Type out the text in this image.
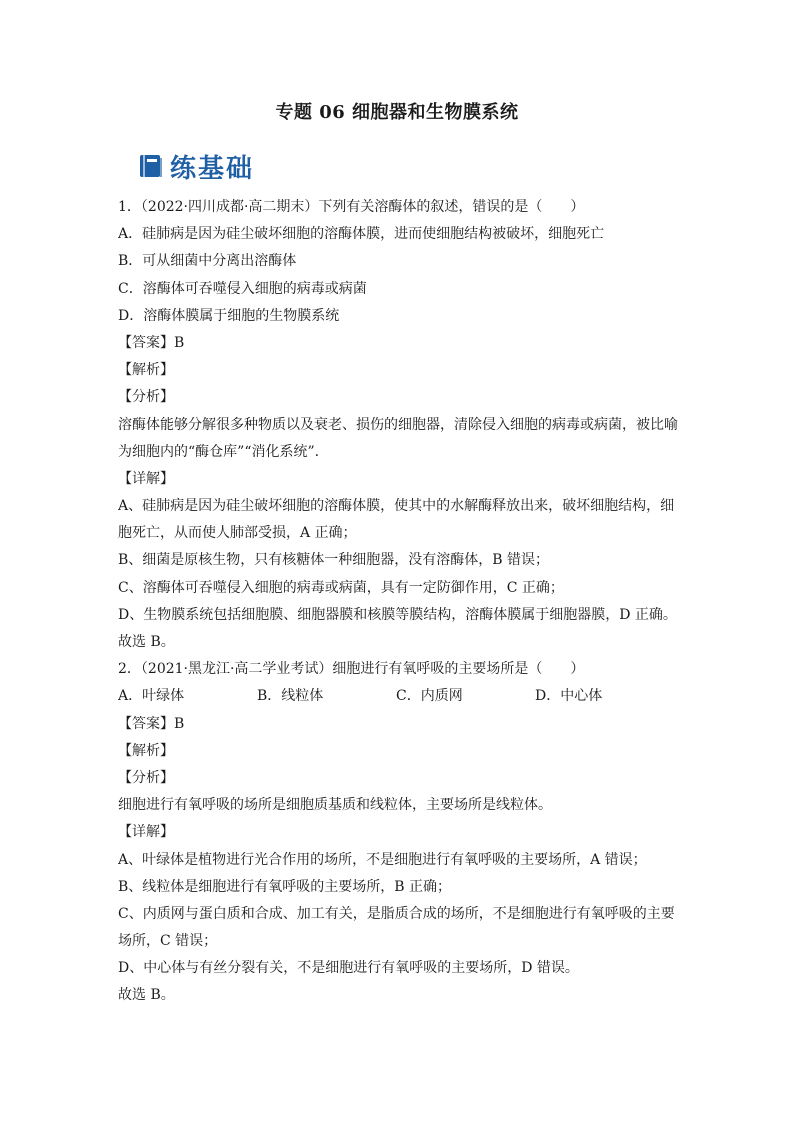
专题 06 细胞器和生物膜系统
练基础
1．（2022·四川成都·高二期末）下列有关溶酶体的叙述，错误的是（　　）
A．硅肺病是因为硅尘破坏细胞的溶酶体膜，进而使细胞结构被破坏，细胞死亡
B．可从细菌中分离出溶酶体
C．溶酶体可吞噬侵入细胞的病毒或病菌
D．溶酶体膜属于细胞的生物膜系统
【答案】B
【解析】
【分析】
溶酶体能够分解很多种物质以及衰老、损伤的细胞器，清除侵入细胞的病毒或病菌，被比喻
为细胞内的“酶仓库”“消化系统”.
【详解】
A、硅肺病是因为硅尘破坏细胞的溶酶体膜，使其中的水解酶释放出来，破坏细胞结构，细
胞死亡，从而使人肺部受损，A 正确；
B、细菌是原核生物，只有核糖体一种细胞器，没有溶酶体，B 错误；
C、溶酶体可吞噬侵入细胞的病毒或病菌，具有一定防御作用，C 正确；
D、生物膜系统包括细胞膜、细胞器膜和核膜等膜结构，溶酶体膜属于细胞器膜，D 正确。
故选 B。
2．（2021·黑龙江·高二学业考试）细胞进行有氧呼吸的主要场所是（　　）
A．叶绿体	B．线粒体	C．内质网	D．中心体
【答案】B
【解析】
【分析】
细胞进行有氧呼吸的场所是细胞质基质和线粒体，主要场所是线粒体。
【详解】
A、叶绿体是植物进行光合作用的场所，不是细胞进行有氧呼吸的主要场所，A 错误；
B、线粒体是细胞进行有氧呼吸的主要场所，B 正确；
C、内质网与蛋白质和合成、加工有关，是脂质合成的场所，不是细胞进行有氧呼吸的主要
场所，C 错误；
D、中心体与有丝分裂有关，不是细胞进行有氧呼吸的主要场所，D 错误。
故选 B。
